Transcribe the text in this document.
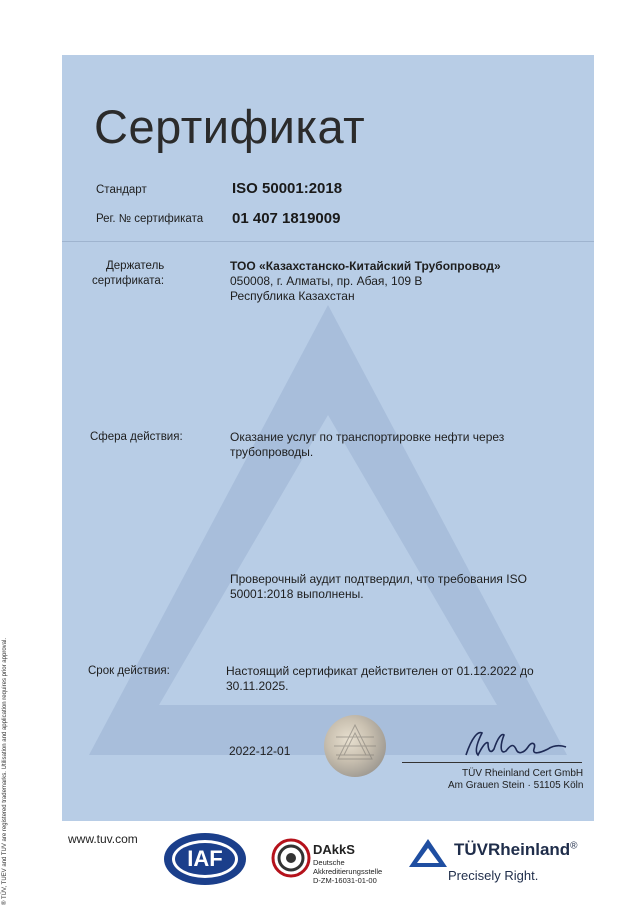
Сертификат
Стандарт	ISO 50001:2018
Рег. № сертификата 01 407 1819009
Держатель
сертификата:
ТОО «Казахстанско-Китайский Трубопровод»
050008, г. Алматы, пр. Абая, 109 В
Республика Казахстан
Сфера действия:	Оказание услуг по транспортировке нефти через
трубопроводы.
Проверочный аудит подтвердил, что требования ISO
50001:2018 выполнены.
Срок действия:	Настоящий сертификат действителен от 01.12.2022 до
30.11.2025.
2022-12-01
TÜV Rheinland Cert GmbH
Am Grauen Stein · 51105 Köln
® TÜV, TUEV and TUV are registered trademarks. Utilisation and application requires prior approval.	www.tuv.com
IAF	DAkkS
Deutsche
Akkreditierungsstelle
D-ZM-16031-01-00
TÜVRheinland®
Precisely Right.
